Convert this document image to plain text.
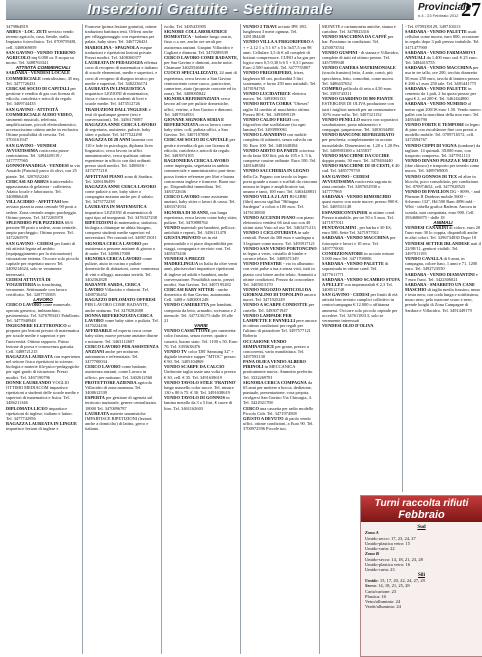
Inserzioni Gratuite - Settimanale	Provinciale
n.4 - 23 Febbraio 2012 27

3479864819

ARBUS - LOC. ZETI servizio vendo terreno agricolo, casa, fienile, stalla. Impianto fotovoltaico. Tel. 070975948l, cell. 3408069059

SAN GAVINO - VENDO TERRENO AGRICOLO mq 6.000 ca. 8 acqua su morto. Tel. 3488763341

ATTIVITÀ COMMERCIALI

SARDARA - VENDESI LOCALE COMMERCIALE centralissimo, 45 mq. Tel. 3477726431

CERCASI SOCIO DI CAPITALI per gestione e vendita di gas con licenza di edicola, cartoleria e articoli da regalo. Tel. 3409744435

SAN GAVINO - ATTIVITÀ COMMERCIALE AUDIO VIDEO, strumenti musicali, telefonia, amplificazione, piccoli elettrodomestici, accessorissimo ottimo anche in esclusiva Ottime possibilità di crescita. Tel. 3703161947

SAN GAVINO - VENDESI AVVIATISSIMA rosticceria pizza-centrisimina. Tel. 3494449119 / 3477777965

GONNOFANADIGA - VENDESI in via Azuaido (Futuisti) parco di olivi, con 25 piante. Tel. 3207652240

CERCASI AD ARBUS fruttivendolo appassionata di gelateria - caffetteria. Adatto locale e laboratorio. Tel. 3408866449

VILLACIDRO - AFFITTASI ben avviato pizzeria zona centrale 90 posti a sedere. Zona centrale ampio parcheggio. Ottimo prezzo. Tel. 3472265970

SPLENDIDO PUB PIZZERIA 60/4 persone 90 posti a sedere, zona centrale, ampio parcheggio. Ottimo prezzo. Tel. 3472265970

SAN GAVINO - CEDESI per limiti di età attività legata ad ambito (equipaggiamento per la ristorazione) ristorazione esterna. Occorre solo piccolo capitale per rispettato nuovo Tel. 3409214624, solo se veramente interessati.

CEDESI ATTIVITÀ DI YOGURTERIA in franchising veramente. Settimanale con lavoro certificato. Tel. 3207735505

LAVORO

CERCO LAVORO come manovale, operaio generico, imbianchino, pavimentista. Tel. 3476789431 Pabillonis. Tel. 3477940948

INGEGNERE ELETTRONICO si propone per lezioni private di matematica per scuole medie e superiori e per l'università. Ottimo rapporto. Primo lezione di prova e conoscenza gratuita. Cell. 3488721215

RAGAZZA LAUREATA con esperienza nel settore fisica ripetizioni in scienze, biologia e materie filo-psico-pedagogiche per ogni grado di istruzione. Prezzi modici. Tel. 3467190796

DONNE LAUREANDO VOGLIO OTTIMO MEDIACOM impartisce ripetizioni a studenti delle scuole medie e superiori di matematica e fisica. Tel. 3486211346

DIPLOMATA LICEO impartisce ripetizioni di inglese, italiano e latino. Tel. 3477742956

RAGAZZA LAUREATA IN LINGUE impartisce lezioni di inglese e

Francese (prima lezione gratuita), ottime traduzioni battitura testi. Offresi anche per villaggiomaggio con esperienza per palate, baby sitter. Tel. 3467726431

MARIOLINA - SPAGNOLA esegue traduzioni e ripetizioni lezioni private. Prezzi modici. Tel. 3408360377

LAUREATA IN PEDAGOGIA effettua corsi di recupero di matematica e italiano di scuole elementari, medie e superiori, e corsi di recupero di disegno tecnico per medie e superiori. Tel. 3482236174

LAUREATA IN LINGUISTICA impartisce LEZIONI di matematica, fisica e chimica a studenti di licei e scuole medie. Tel. 3473512726

TRADUZIONI DALL'INGLESE e testi di qualunque genere (tesi e conversazioni). Tel. 3456170087

RAGAZZA ANNE CERCA LAVORO di segretaria, assistente, pulizie, baby sitter o pulizie. Tel. 3477522298

RAGAZZA DI 28 ANNI laureata con 110 e lode in psicologia, diploma liceo linguistico, cerca lavoro in uffici amministrativi, cerca qualsiasi ottime esperienze in ufficio con dati ordinati presso studi medici. Tel. 3488416 - 3473777218

AFFITTASI PIANO zona di Sardara. Tel. 3206186499

RAGAZZA ANNE CERCA LAVORO come pulizie a ore, baby sitter o compagnia anziana anche per il sabato. Tel. 3475772238

LAUREATA IN MATEMATICA impartisce LEZIONI di matematica di ogni tipo ad insegnanti. Tel. 3476327238

RIPETIZIONI di matematica, statistica, biologia a chiunque ne abbia bisogno, compresi studenti medie superiori ed universitari. Per contatti tel. 3488715011

SIGNORA CERCA LAVORO per assistenza a persone anziane di giorno o di notte. Tel. 3488617000

SIGNORA CERCA LAVORO come pulizie, aiuto in cucina o pulizie domestiche di abitazioni, come commessa di vini e alloggi, massima serietà. Tel. 3402362828

BADANTE SARDA, CERCA LAVORO Villacidro e dintorni. Tel. 3488736452

RAGAZZO DIPLOMATO OFFRESI PER LAVORO COME BADANTE, anche notturno. Tel. 3478282688

DONNA REFERENZIATA CERCA LAVORO come baby sitter o pulizia. Tel. 3470224436

AFFIDABILE ed esperta cerca come baby sitter, nuove persone anziane diurne e notturne. Tel. 3463112607

CERCO LAVORO PER ASSISTENZA ANZIANI anche per notturne, automunita e referenziata. Tel. 3477700034

CERCO LAVORO come badante, assistenza anziani, come Lavoro in ufficio, per notturno. Tel. 3402612560

PROTETTORE AZIENDA agricola Villacidro di zona montana. Tel. 3408612539

ESPERTA per gestione di agenzia sul territorio nazionale, genere centralizzato. 18000 Tel. 3470896787

LAUREATA materie umanistiche IMPARTISCE RIPETIZIONI (lezioni anche a domicilio) di latino, greco e italiano.

ivolto. Tel. 3485433905

SIGNORE COLLABORATRICE DOMESTICA - badante luogo orario, fisso o a ore, anche ore serali per assistenza anziani. Guspini Villacidro e Cagliari e dintorni. Tel. 3470289339

CERCO LAVORO COME BADANTE, per San Gavino e dintorni, anche notte. Chiamare 3402554660

CUOCO SPECIALIZZATO, 24 anni di esperienza, cerca lavoro a San Gavino centrooriente come cuoco, pasticciere, cameriere, aiuto (proposte concrete ed in zona). Tel. 3408005842

SIGNORA REFERENZIATA cerca lavoro ad ore per pulizie domestiche, uffici, vetrine, a San Gavino e dintorni. Tel. 3487034933

GIOVANE SIGNORA SERIA E REFERENZIATA cerca lavoro come baby sitter, colf, pulizia uffici, a San Gavino. Tel. 3407107888

CERCASI SOCIO DI CAPITALE per gestire rivendita di gas con licenza di edicola, cartoleria e articoli da regalo. Tel. 3483974105

RAGIONIERA CERCA LAVORO come impiegata, segretaria in ambito commerciale e amministrativo part-time, possa fornire referenze per libri e buona conoscenza inglese e francese. Buon uso pc. Disponibilità immediata. Tel. 3483722636

CERCO LAVORO come assistente anziani, baby sitter o lavori di cassa. Tel. 3483374934

SIGNORA DI 30 ANNI, con lunga esperienza, cerca lavoro come baby sitter, pulizie. Tel. 3470888764

VENDO materiali per bambini, pellicce, antichità e reperti, Tel. 3456111478

GIUSTA PRIVATO sei in età pensionabile e ti piace disponibilità per viaggi, compagnia e servizio vari. Tel. 3485373436

VENDESI A PREZZI MADRELINGUA in Italia da oltre venti anni, plurisecolari impartisce ripetizioni di inglese ad adulti e bambini, anche conversazione. Possibilità orario, prezzi modici. San Gavino. Tel. 3407195282

CERCASI BABY SITTER - anche domestico di San Gavino, automunita. Cell. 3408 e 3483001248

VENDO CAMERETTA per bambini, composta da letto, armadio, scrivania e 2 mensole. Tel. 3477236175 dalle 18 alle 21

VARIE

VENDO CASSETTONE per cameretta: color frassino, senza rovere, quattro cassetti, buono stato. Tel. 1100 x 50. Euro 70. Tel. 3393638476

VENDO TV color 'DB' Samsung 32'' + digitale terrestre supper "MTOC" prezzo € 90. Tel. 3405104869

VENDO SCARPE DA CALCIO Umbronte taglia usate una volta a prezzo € 30, cell. € 35. Tel. 3491638619

VENDO TAVOLO STILE 'FRATINO' lungo massello color nocce. Tel. misure 130 x 80 h 75. € 30. Tel. 3491638619

VENDO TAVOLO DI GONNOS in lamina metallo da 3 a 5 litri, € cuore di litro. Tel. 3461162603

VENDO 2 TRAVI acciaio IPE 180, lunghezza 3 metri ognuna. Tel. 3281384448

VENDO VILLA A FRIGORIFERO A + + 2,12 1 x 5 1 67 x 5 h 3x57,5 cm 98 anni. Cellulare 3,5 tlt € all completi di bottoni compressore. CUBO a ha gas per logico euro 0,5 0,30 h 6 5 + 0,3 l prezzo Euro 2.500 trattabili. Tel. 3477755807

VENDO FRIGORIFERO, frizer, larghezza 60 cm, profondità 5 litri scatenante, e forno 250 mm trattabili. Tel. 3478194765

VENDO LUCIDATRICE elettrica nuova. Tel. 3493983133

VENDO BOTTA CORBA "Obesez" taglia 34 cambio al maschietto ottimo. Prezzo 80 €. Tel. 3493899119

VENDO CALDO FRIGO con frigorifero due scaffalature (su ogni lamina) Tel. 3493990061

VENDO LAVANDINO con mobile completo di rubinetti, senza valvola cm 50. Euro 100. Tel. 3481648384

VENDO ADDTO DA PARTE sciorissa in da fasia 300 litri, più da 105 e 3. 5 lt, comprese cassine ordinate. Euro 100. Tel. 3481648384

VENDO SACCHERIA IN LEGNO della Ca. Pagano con tavolo in legno porta grande a muro e scaffali da ciascuna misura in legno e amplificatore sui, umano e tanti, 100 euro. Tel. 3463448831

VENDO VILLA 2 LATI BI-LIBRI (libri) ancora sigillati "Bilingua Sardegna" a colori a 100 euro. Tel. 3476130830

VENDO ACCENDI PIANO con piano elettronico vendesi 66 tasti uso con 40 ottimi stato Vaso ad uso Tel. 3463471213

VENDO 1 CICLOTURISTA in sale centrali. Prezzi da 300 euro e sardegna a 3 legature come nuovo. Tel. 3493917121

VENDO SAN VENDO PORTONCINO in legno a vetro, cristallo di bimbe e cornice telaio. Tel. 3408371349

VENDO FINESTRE - vio in alluminio con vetri pulse a tua a senza visti, tutti in pianto così bitree anche telaio. Ammetti a ottime condizioni. Prezzo da concordare. Tel. 3405813170

VENDO NEGOZIO ARTICOLI DA GIORNALINO DI TOPOLINO ancora nuovi. Tel. 3471925249

VENDO A SCARPE CONDOTTE per cartelle. Tel. 3493071947

VENDO LAMPADE PER LAMPETTE E PANNELLI pere ancora in ottimo condizioni per regali per l'ultimo di pianoforte Tel. 3497577121 Roberto

OCCASIONE VENDO SEMINATRICE per grano, prezzo a concorrenti, vario manifattura. Tel. 3497593130

PANA OLIEA VENDO ALBERO PIRINOLI in MECCANICA praticamente nuova. Ammetto preferito. Tel. 3332269781

SIGNORA CERCA COMPAGNA da 65 anni per mettere a bocca, dedizione, puntuale, presentazione, cosa propria, rivolgersi San Gavino Via Chirurgia, 4. Tel. 3422921708

CERCO una cassetta per radio modello Piccolo Cidr. Tel. 3471974508

GIUSTO A DEVUTO di paolo vendo uffici, ottime condizioni, a Euro 90. Tel. 3700972596 Piccole tuo.

MONETE e cartamoneta antiche, stanza e cartoline. Tel. 3478823316

VENDO MACCHINA DA CAFFÈ per bar. Possiamo in condizioni. Tel. 3250073554

VENDO GUSPINI - di stanza e Villacidro, complete di tutti ed ottimo prezzo. Tel. 3457599948

VENDO CAMERA MATRIMONIALE (scuola frassino) letto, 4 ante, comò, più specchiera, letto, comodini, come nuova. Tel. 3486437652

COMPRO pellicola di seta a 4,50 euro. Tel. 3393743311

VENDO GIARDINO DI 800 PIANTE ESTERGINE DI OLIVA produzione con tutti i migliori metodi per un consumatore 10/% euro-rollo. Tel. 3407321152

VENDO PENELLO nuovo con soprastroi sosobuttatore, porta mbiamerici e compagni, paspertome. Tel. 3403034498

VENDO BANCONE REFRIGERATO per pescheria, completamente in acciaio inossidabile. Dimensioni m. 1,20 x 1.20 Per. Tel. 3408903300 o 3455037

VENDO MACCHINE DA CUCIRE doppio punto, 50 euro. Tel. 3478404440

VENDO MACCHINE DI 18 CESTI, € 40 cad. Tel. 3485779750

SAN GAVINO - CEDESI AVVIATISSIMA rosticceria sagrata in zona centrale. Tel. 3487652930 o 347777965

SARDARA - VENDO RIMORCHIO quasi nuovo con ruote nuove, prezzo 900 €. Tel. 3469311148

ESPANDICONTAINER in ottime cond. Prezzo trattabile, per tre 50 x 5 euro. Tel. 3471977011

PENTAVOLMINI , per barba e 30 ES, euro 500. Sette Tel. 3471977011

SARDARA - VENDO MACCHINA per fotocopie e lavori e 10 reco. Tel. 3497770001

CONDIZIONATORE in acciaio misure 5.000 euro Tel. 3471700006

SARDARA - VENDO PALETTE di soprastrada in ottime cond. Tel. 3477611771

SARDARA - VENDO SCAMBIO STUFA A PELLET con impermeabili € 2,3 Tel. 3408512748

SAN GAVINO - CEDESI per limiti di età attività ben avviato camplici collettivo in centro/campagna € 12.000 o affittanza ammessi. Occorre solo piccolo capitale per accedere. Tel. 3476118313, solo se veramente interessati

VENDESI OLIO D'OLIVA

- Tel. 0709339129, 3497104111

SARDARA - VENDO PALETTE usati cellulari come nuova, euro 800, occasione in regalo dopo 3 pali prezzo trattabile. Tel. 3471477900

SARDARA - VENDO FARMAMOVI ANNUALI da 1.400 euro cad. € 25 euro. Tel. 3484415755

SARDARA - VENDO MACCHINA per usa in tre tallo, ore 200, torchio dianzetto 50 euro 250 euro, tavola di lamiera prezzo € 200 x1 euro 250 tale. Tel. 3481441775

SARDARA - VENDO PALETTE in cemento da 1 pali, 2 ha quota prezzo per ogni € 2, ed 200 €. Tel. 3461444800

SARDARA - VENDO NUMERO al metro ogni 200/1€ euro 1.50. Vendo nuovo pallet con la macchina della mia euro. Tel. 3485446790

VENDO FORTE E TEMPORE in legno di pino con riscaldatore fine con prezzi a modello mobile. Tel. 0709716572, cell. 3472594767

VENDO CEPPI DI VIGNA (tondone) da tagliare. 14 quintali. 3X000 euro, con trasporto compreso. Tel. 3477811113

VENDO DIVANO PIAZZA E MEZZO (due chiosco) e trasporto per tenerlo come nuovo. Tel. 3489769005

VENDO GONNOS DI TEX ed altre in blocchi, poco consolidato, per condizione. Tel. 070974652, cell. 3477028525

VENDO DI PAVILION DG - 8099, - and Phenom II Dradeon mobile 5600 - Schermo 132'', Hd 500 Ram 4096 mld - Whit - tabella grafica Radeon. Ancora in scatola, mai compattata, euro 900. Cell. 3934686875 - dalle 18

ANIMALI

VENDESI CANARINI di colore, euro 20 l'uno euro 30 lo coppia, disponibili anche in altri colori. Tel. 3296734830 Dopo 18

VENDESI SETTER IRLANDESE nati il 22/08/11, genitori visibili. Tel. 3497011193

VENDO CAVALLA di 6 anni, in campagna, colore baio, 1 anni e 71. 1200 euro. Tel. 3492723550

SARDARA - VENDO DIAMANTINI e 7 euro l'uno. Tel. 3422306021

SARDARA - SMARRITO UN CANE MASCHIO di taglia media frassino, muso e testa nera, con coda lunga e sottilissima, muso nero, pelo marrone scuro e nero, prende luoghi di Zona Campagne di Sardara e Villacidro. Tel. 3491449179

Turni raccolta rifiuti
Febbraio
Sud
Zona A
Umido secco: 17, 23, 24, 27
Umido-plastica vetro: 15
Umido-carta: 22
Zona B
Umido-secco: 14, 18, 21, 23, 28
Umido-plastica vetro: 16
Umido-carta: 23
Sili
Umido: 15, 17, 20, 22, 24, 27, 29
Secco: 14, 18, 21, 25, 28
Carta/cartone: 23
Plastica: 16
Vetro/alluminio: 24
Verde/alluminio: 24
